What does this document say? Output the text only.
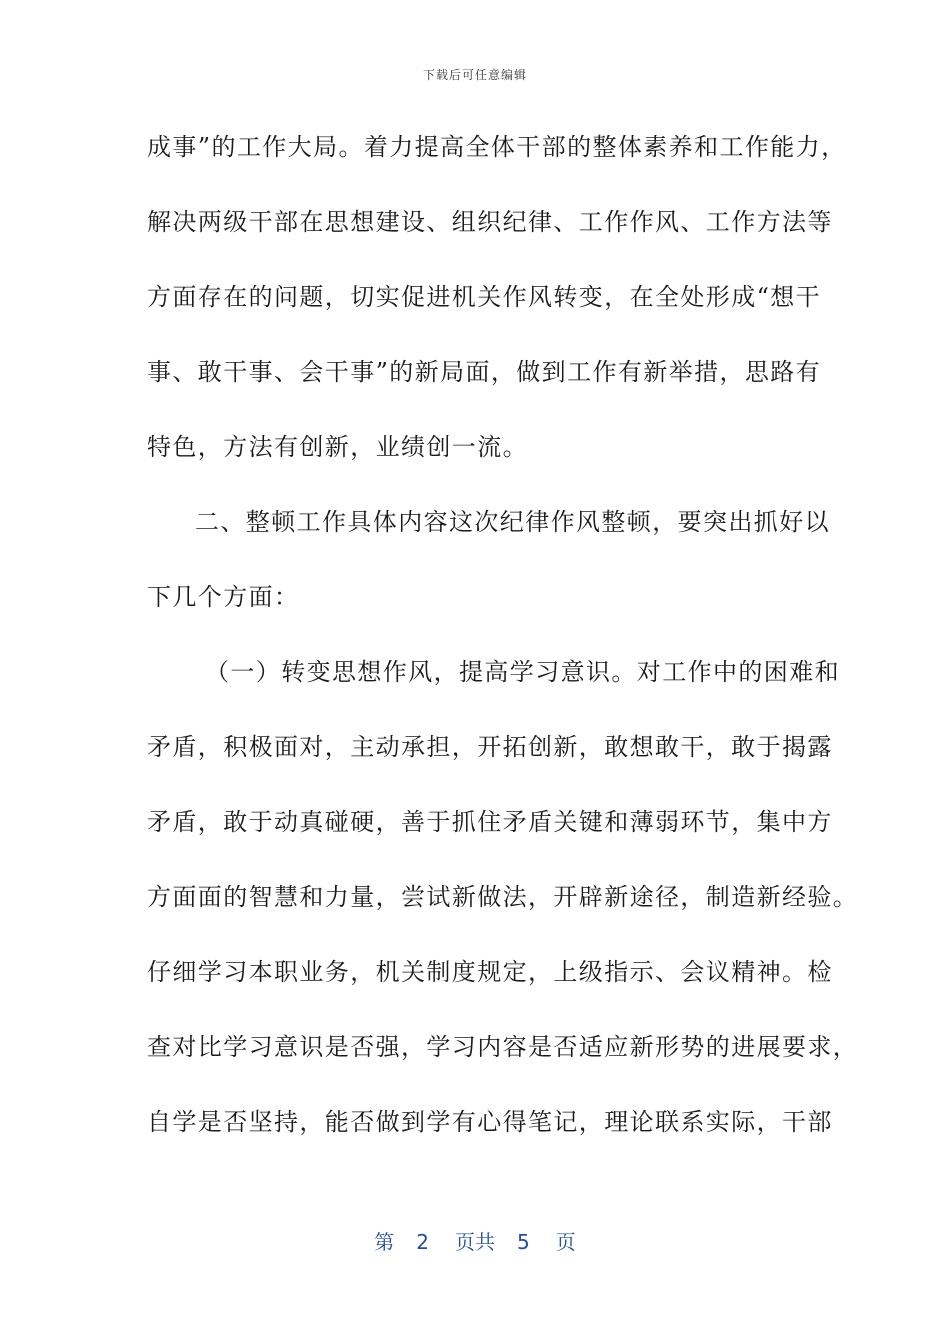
下载后可任意编辑
成事”的工作大局。着力提高全体干部的整体素养和工作能力，
解决两级干部在思想建设、组织纪律、工作作风、工作方法等
方面存在的问题，切实促进机关作风转变，在全处形成“想干
事、敢干事、会干事”的新局面，做到工作有新举措，思路有
特色，方法有创新，业绩创一流。
二、整顿工作具体内容这次纪律作风整顿，要突出抓好以
下几个方面：
（一）转变思想作风，提高学习意识。对工作中的困难和
矛盾，积极面对，主动承担，开拓创新，敢想敢干，敢于揭露
矛盾，敢于动真碰硬，善于抓住矛盾关键和薄弱环节，集中方
方面面的智慧和力量，尝试新做法，开辟新途径，制造新经验。
仔细学习本职业务，机关制度规定，上级指示、会议精神。检
查对比学习意识是否强，学习内容是否适应新形势的进展要求，
自学是否坚持，能否做到学有心得笔记，理论联系实际，干部
第 2 页共 5 页
